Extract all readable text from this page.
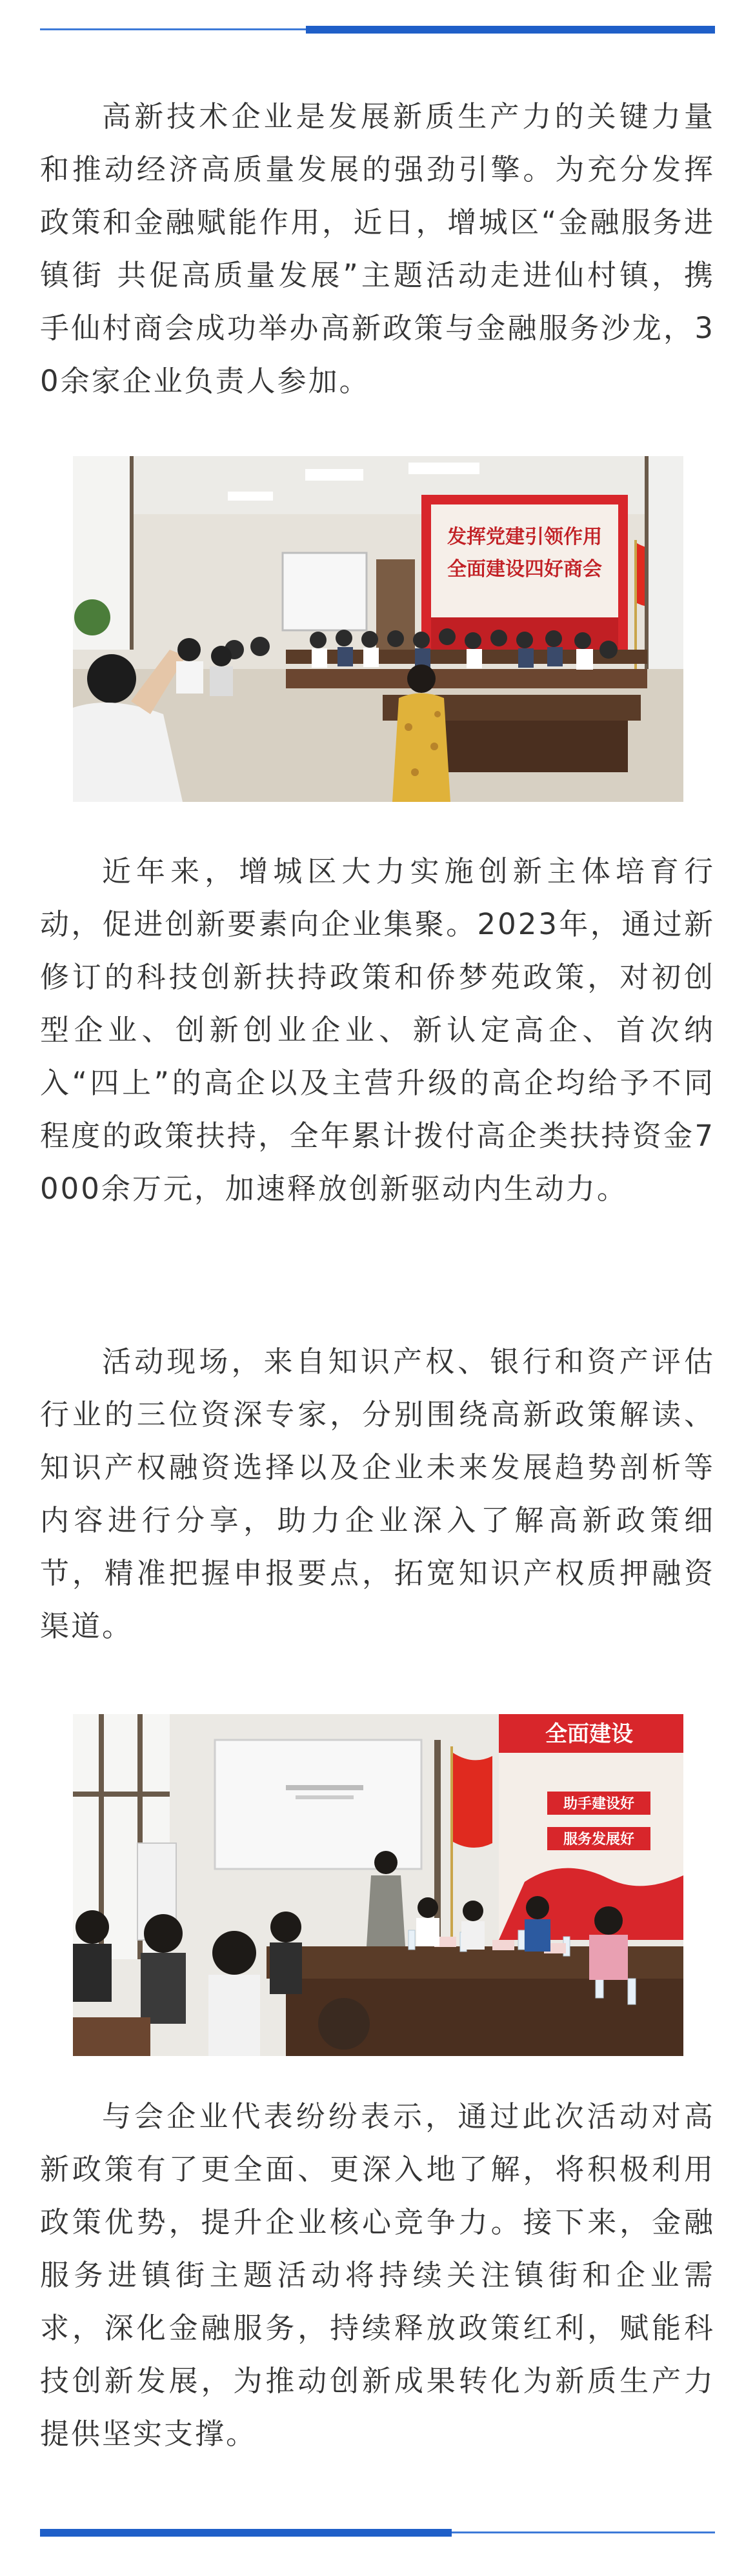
高新技术企业是发展新质生产力的关键力量和推动经济高质量发展的强劲引擎。为充分发挥政策和金融赋能作用，近日，增城区“金融服务进镇街 共促高质量发展”主题活动走进仙村镇，携手仙村商会成功举办高新政策与金融服务沙龙，30余家企业负责人参加。

发挥党建引领作用
全面建设四好商会

近年来，增城区大力实施创新主体培育行动，促进创新要素向企业集聚。2023年，通过新修订的科技创新扶持政策和侨梦苑政策，对初创型企业、创新创业企业、新认定高企、首次纳入“四上”的高企以及主营升级的高企均给予不同程度的政策扶持，全年累计拨付高企类扶持资金7000余万元，加速释放创新驱动内生动力。

活动现场，来自知识产权、银行和资产评估行业的三位资深专家，分别围绕高新政策解读、知识产权融资选择以及企业未来发展趋势剖析等内容进行分享，助力企业深入了解高新政策细节，精准把握申报要点，拓宽知识产权质押融资渠道。

全面建设
助手建设好
服务发展好

与会企业代表纷纷表示，通过此次活动对高新政策有了更全面、更深入地了解，将积极利用政策优势，提升企业核心竞争力。接下来，金融服务进镇街主题活动将持续关注镇街和企业需求，深化金融服务，持续释放政策红利，赋能科技创新发展，为推动创新成果转化为新质生产力提供坚实支撑。
